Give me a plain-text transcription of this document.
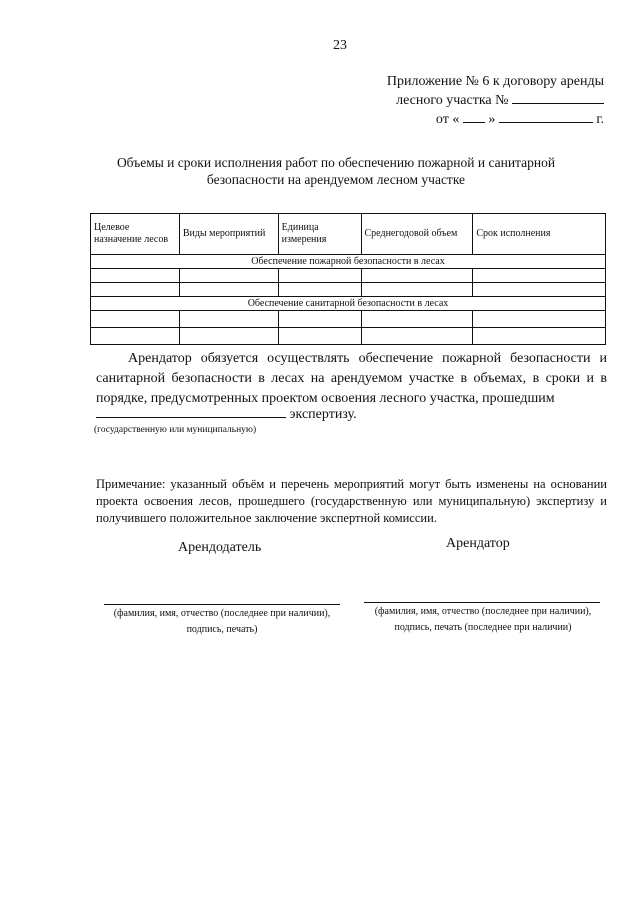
23
Приложение № 6 к договору аренды
лесного участка №
от « »	г.
Объемы и сроки исполнения работ по обеспечению пожарной и санитарной
безопасности на арендуемом лесном участке
Целевое назначение лесов	Виды мероприятий	Единица измерения	Среднегодовой объем	Срок исполнения
Обеспечение пожарной безопасности в лесах				

Обеспечение санитарной безопасности в лесах				

Арендатор обязуется осуществлять обеспечение пожарной безопасности и санитарной безопасности в лесах на арендуемом участке в объемах, в сроки и в порядке, предусмотренных проектом освоения лесного участка, прошедшим
экспертизу.
(государственную или муниципальную)
Примечание: указанный объём и перечень мероприятий могут быть изменены на основании проекта освоения лесов, прошедшего (государственную или муниципальную) экспертизу и получившего положительное заключение экспертной комиссии.
Арендодатель	Арендатор
(фамилия, имя, отчество (последнее при наличии),
подпись, печать)
(фамилия, имя, отчество (последнее при наличии),
подпись, печать (последнее при наличии)
